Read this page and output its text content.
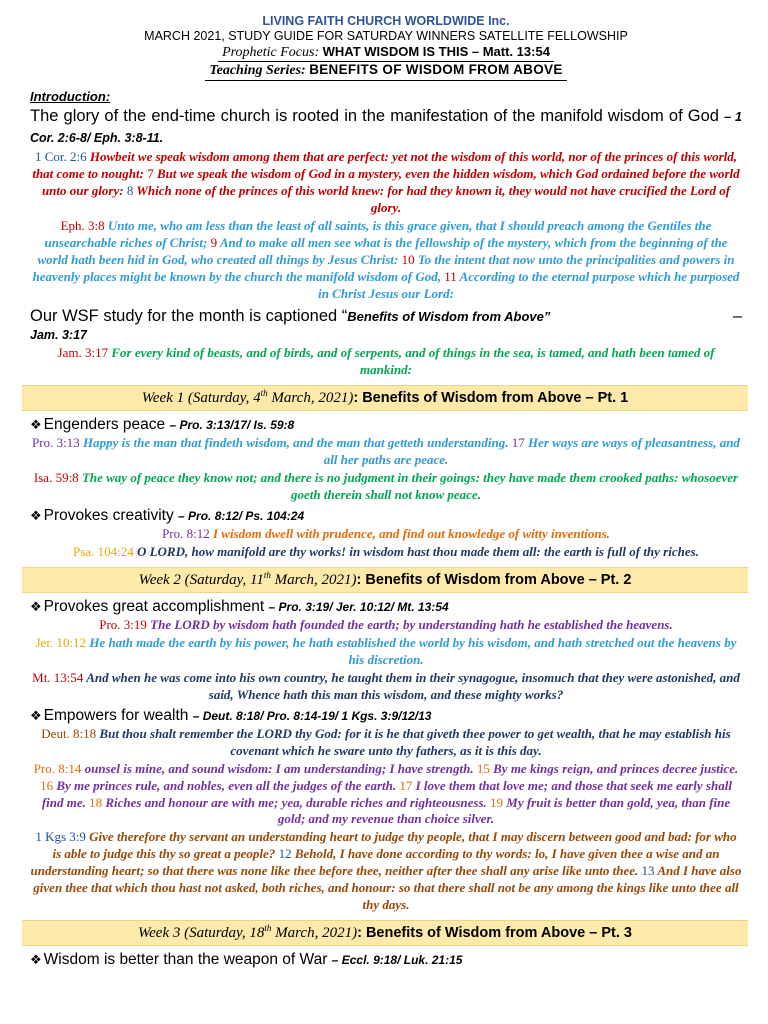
LIVING FAITH CHURCH WORLDWIDE Inc.
MARCH 2021, STUDY GUIDE FOR SATURDAY WINNERS SATELLITE FELLOWSHIP
Prophetic Focus: WHAT WISDOM IS THIS – Matt. 13:54
Teaching Series: BENEFITS OF WISDOM FROM ABOVE
Introduction:
The glory of the end-time church is rooted in the manifestation of the manifold wisdom of God – 1 Cor. 2:6-8/ Eph. 3:8-11.
1 Cor. 2:6 Howbeit we speak wisdom among them that are perfect: yet not the wisdom of this world, nor of the princes of this world, that come to nought: 7 But we speak the wisdom of God in a mystery, even the hidden wisdom, which God ordained before the world unto our glory: 8 Which none of the princes of this world knew: for had they known it, they would not have crucified the Lord of glory.
Eph. 3:8 Unto me, who am less than the least of all saints, is this grace given, that I should preach among the Gentiles the unsearchable riches of Christ; 9 And to make all men see what is the fellowship of the mystery, which from the beginning of the world hath been hid in God, who created all things by Jesus Christ: 10 To the intent that now unto the principalities and powers in heavenly places might be known by the church the manifold wisdom of God, 11 According to the eternal purpose which he purposed in Christ Jesus our Lord:
Our WSF study for the month is captioned “Benefits of Wisdom from Above”	–
Jam. 3:17
Jam. 3:17 For every kind of beasts, and of birds, and of serpents, and of things in the sea, is tamed, and hath been tamed of mankind:
Week 1 (Saturday, 4th March, 2021): Benefits of Wisdom from Above – Pt. 1
❖ Engenders peace – Pro. 3:13/17/ Is. 59:8
Pro. 3:13 Happy is the man that findeth wisdom, and the man that getteth understanding. 17 Her ways are ways of pleasantness, and all her paths are peace.
Isa. 59:8 The way of peace they know not; and there is no judgment in their goings: they have made them crooked paths: whosoever goeth therein shall not know peace.
❖ Provokes creativity – Pro. 8:12/ Ps. 104:24
Pro. 8:12 I wisdom dwell with prudence, and find out knowledge of witty inventions.
Psa. 104:24 O LORD, how manifold are thy works! in wisdom hast thou made them all: the earth is full of thy riches.
Week 2 (Saturday, 11th March, 2021): Benefits of Wisdom from Above – Pt. 2
❖ Provokes great accomplishment – Pro. 3:19/ Jer. 10:12/ Mt. 13:54
Pro. 3:19 The LORD by wisdom hath founded the earth; by understanding hath he established the heavens.
Jer. 10:12 He hath made the earth by his power, he hath established the world by his wisdom, and hath stretched out the heavens by his discretion.
Mt. 13:54 And when he was come into his own country, he taught them in their synagogue, insomuch that they were astonished, and said, Whence hath this man this wisdom, and these mighty works?
❖ Empowers for wealth – Deut. 8:18/ Pro. 8:14-19/ 1 Kgs. 3:9/12/13
Deut. 8:18 But thou shalt remember the LORD thy God: for it is he that giveth thee power to get wealth, that he may establish his covenant which he sware unto thy fathers, as it is this day.
Pro. 8:14 ounsel is mine, and sound wisdom: I am understanding; I have strength. 15 By me kings reign, and princes decree justice. 16 By me princes rule, and nobles, even all the judges of the earth. 17 I love them that love me; and those that seek me early shall find me. 18 Riches and honour are with me; yea, durable riches and righteousness. 19 My fruit is better than gold, yea, than fine gold; and my revenue than choice silver.
1 Kgs 3:9 Give therefore thy servant an understanding heart to judge thy people, that I may discern between good and bad: for who is able to judge this thy so great a people? 12 Behold, I have done according to thy words: lo, I have given thee a wise and an understanding heart; so that there was none like thee before thee, neither after thee shall any arise like unto thee. 13 And I have also given thee that which thou hast not asked, both riches, and honour: so that there shall not be any among the kings like unto thee all thy days.
Week 3 (Saturday, 18th March, 2021): Benefits of Wisdom from Above – Pt. 3
❖ Wisdom is better than the weapon of War – Eccl. 9:18/ Luk. 21:15
